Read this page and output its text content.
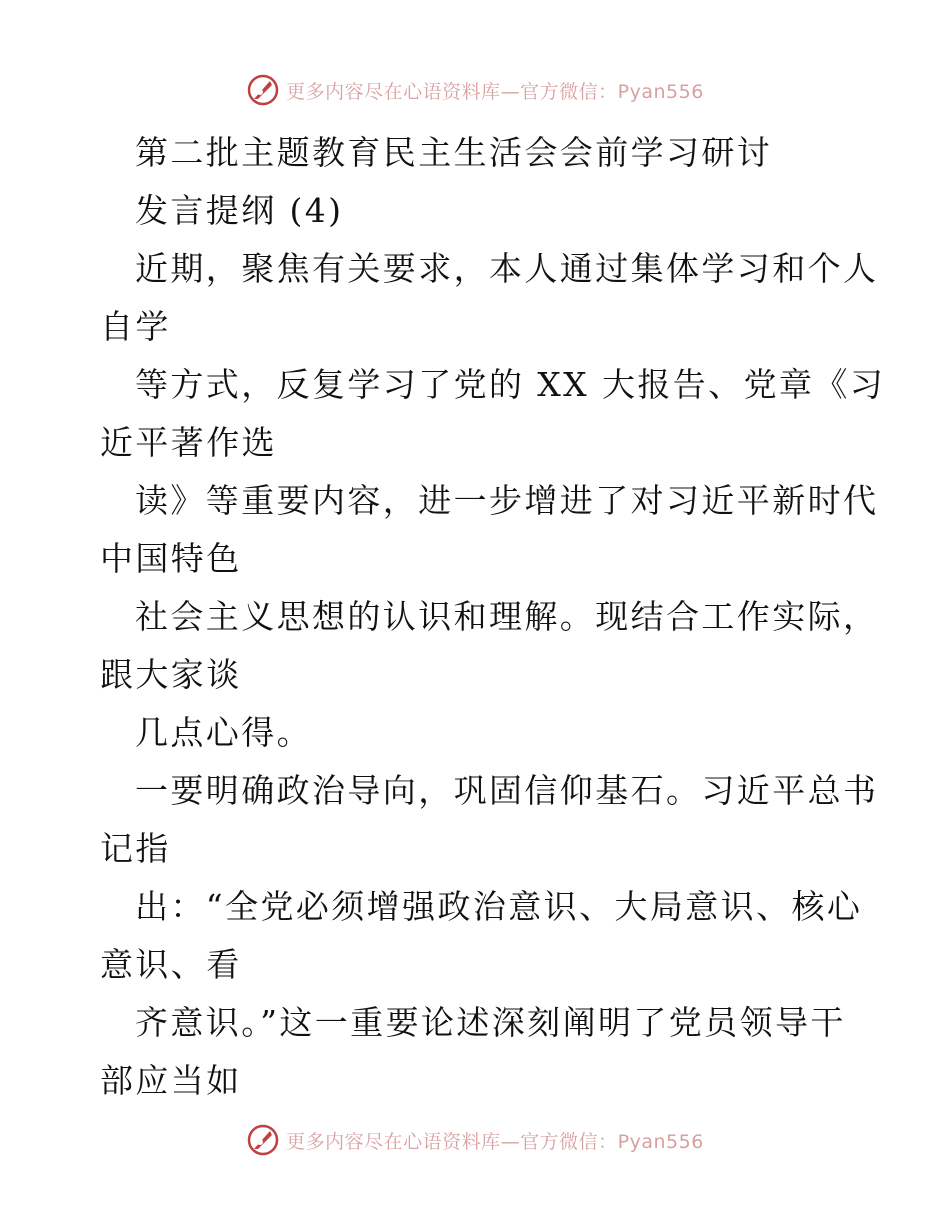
更多内容尽在心语资料库—官方微信：Pyan556
第二批主题教育民主生活会会前学习研讨
发言提纲 (4)
近期，聚焦有关要求，本人通过集体学习和个人
自学
等方式，反复学习了党的 XX 大报告、党章《习
近平著作选
读》等重要内容，进一步增进了对习近平新时代
中国特色
社会主义思想的认识和理解。现结合工作实际，
跟大家谈
几点心得。
一要明确政治导向，巩固信仰基石。习近平总书
记指
出：“全党必须增强政治意识、大局意识、核心
意识、看
齐意识。”这一重要论述深刻阐明了党员领导干
部应当如
更多内容尽在心语资料库—官方微信：Pyan556
